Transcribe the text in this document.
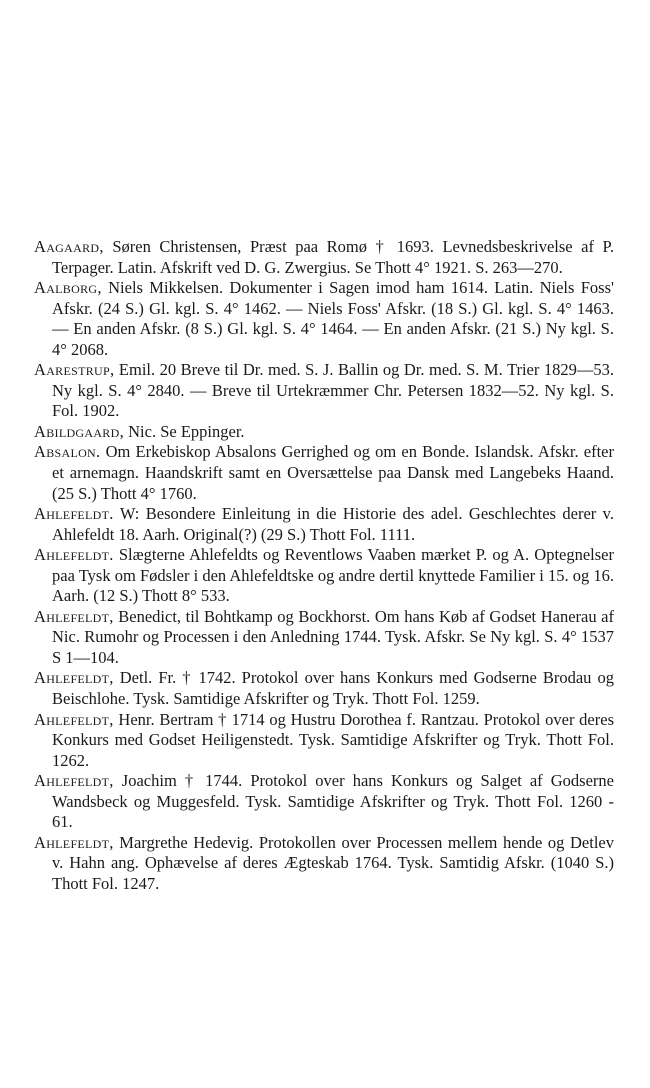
Aagaard, Søren Christensen, Præst paa Romø † 1693. Levnedsbeskrivelse af P. Terpager. Latin. Afskrift ved D. G. Zwergius. Se Thott 4° 1921. S. 263—270.
Aalborg, Niels Mikkelsen. Dokumenter i Sagen imod ham 1614. Latin. Niels Foss' Afskr. (24 S.) Gl. kgl. S. 4° 1462. — Niels Foss' Afskr. (18 S.) Gl. kgl. S. 4° 1463. — En anden Afskr. (8 S.) Gl. kgl. S. 4° 1464. — En anden Afskr. (21 S.) Ny kgl. S. 4° 2068.
Aarestrup, Emil. 20 Breve til Dr. med. S. J. Ballin og Dr. med. S. M. Trier 1829—53. Ny kgl. S. 4° 2840. — Breve til Urtekræmmer Chr. Petersen 1832—52. Ny kgl. S. Fol. 1902.
Abildgaard, Nic. Se Eppinger.
Absalon. Om Erkebiskop Absalons Gerrighed og om en Bonde. Islandsk. Afskr. efter et arnemagn. Haandskrift samt en Oversættelse paa Dansk med Langebeks Haand. (25 S.) Thott 4° 1760.
Ahlefeldt. W: Besondere Einleitung in die Historie des adel. Geschlechtes derer v. Ahlefeldt 18. Aarh. Original(?) (29 S.) Thott Fol. 1111.
Ahlefeldt. Slægterne Ahlefeldts og Reventlows Vaaben mærket P. og A. Optegnelser paa Tysk om Fødsler i den Ahlefeldtske og andre dertil knyttede Familier i 15. og 16. Aarh. (12 S.) Thott 8° 533.
Ahlefeldt, Benedict, til Bohtkamp og Bockhorst. Om hans Køb af Godset Hanerau af Nic. Rumohr og Processen i den Anledning 1744. Tysk. Afskr. Se Ny kgl. S. 4° 1537 S 1—104.
Ahlefeldt, Detl. Fr. † 1742. Protokol over hans Konkurs med Godserne Brodau og Beischlohe. Tysk. Samtidige Afskrifter og Tryk. Thott Fol. 1259.
Ahlefeldt, Henr. Bertram † 1714 og Hustru Dorothea f. Rantzau. Protokol over deres Konkurs med Godset Heiligenstedt. Tysk. Samtidige Afskrifter og Tryk. Thott Fol. 1262.
Ahlefeldt, Joachim † 1744. Protokol over hans Konkurs og Salget af Godserne Wandsbeck og Muggesfeld. Tysk. Samtidige Afskrifter og Tryk. Thott Fol. 1260 - 61.
Ahlefeldt, Margrethe Hedevig. Protokollen over Processen mellem hende og Detlev v. Hahn ang. Ophævelse af deres Ægteskab 1764. Tysk. Samtidig Afskr. (1040 S.) Thott Fol. 1247.
